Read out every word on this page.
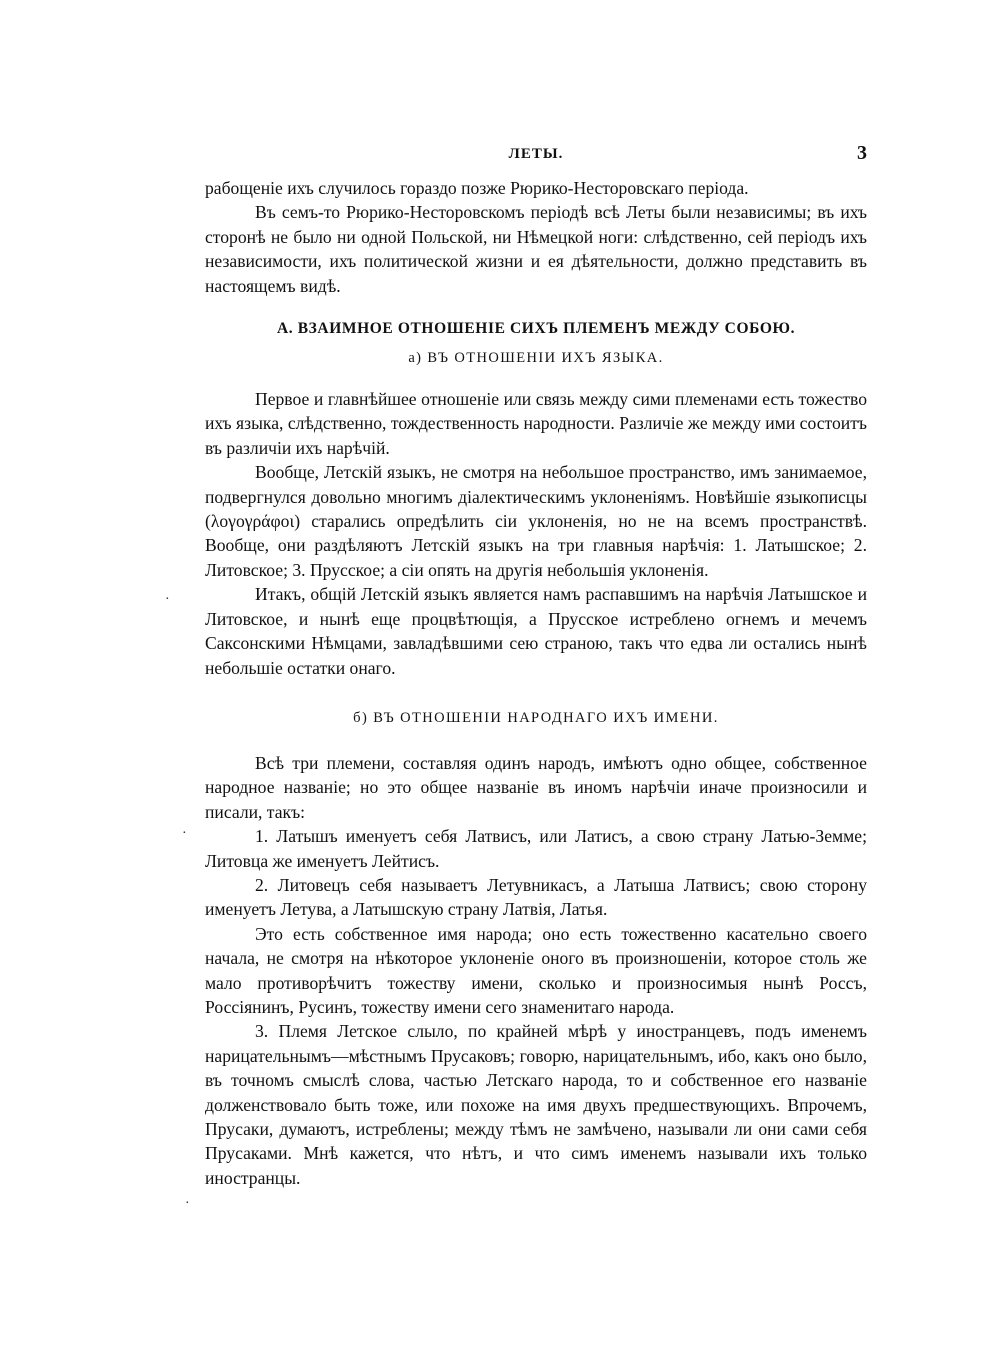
·
·
·
ЛЕТЫ.	3

рабощеніе ихъ случилось гораздо позже Рюрико-Несторовскаго періода.

Въ семъ-то Рюрико-Несторовскомъ періодѣ всѣ Леты были независимы; въ ихъ сторонѣ не было ни одной Польской, ни Нѣмецкой ноги: слѣдственно, сей періодъ ихъ независимости, ихъ политической жизни и ея дѣятельности, должно представить въ настоящемъ видѣ.

А. ВЗАИМНОЕ ОТНОШЕНІЕ СИХЪ ПЛЕМЕНЪ МЕЖДУ СОБОЮ.
а) ВЪ ОТНОШЕНІИ ИХЪ ЯЗЫКА.

Первое и главнѣйшее отношеніе или связь между сими племенами есть тожество ихъ языка, слѣдственно, тождественность народности. Различіе же между ими состоитъ въ различіи ихъ нарѣчій.

Вообще, Летскій языкъ, не смотря на небольшое пространство, имъ занимаемое, подвергнулся довольно многимъ діалектическимъ уклоненіямъ. Новѣйшіе языкописцы (λογογράφοι) старались опредѣлить сіи уклоненія, но не на всемъ пространствѣ. Вообще, они раздѣляютъ Летскій языкъ на три главныя нарѣчія: 1. Латышское; 2. Литовское; 3. Прусское; а сіи опять на другія небольшія уклоненія.

Итакъ, общій Летскій языкъ является намъ распавшимъ на нарѣчія Латышское и Литовское, и нынѣ еще процвѣтющія, а Прусское истреблено огнемъ и мечемъ Саксонскими Нѣмцами, завладѣвшими сею страною, такъ что едва ли остались нынѣ небольшіе остатки онаго.

б) ВЪ ОТНОШЕНІИ НАРОДНАГО ИХЪ ИМЕНИ.

Всѣ три племени, составляя одинъ народъ, имѣютъ одно общее, собственное народное названіе; но это общее названіе въ иномъ нарѣчіи иначе произносили и писали, такъ:

1. Латышъ именуетъ себя Латвисъ, или Латисъ, а свою страну Латью-Земме; Литовца же именуетъ Лейтисъ.

2. Литовецъ себя называетъ Летувникасъ, а Латыша Латвисъ; свою сторону именуетъ Летува, а Латышскую страну Латвія, Латья.

Это есть собственное имя народа; оно есть тожественно касательно своего начала, не смотря на нѣкоторое уклоненіе оного въ произношеніи, которое столь же мало противорѣчитъ тожеству имени, сколько и произносимыя нынѣ Россъ, Россіянинъ, Русинъ, тожеству имени сего знаменитаго народа.

3. Племя Летское слыло, по крайней мѣрѣ у иностранцевъ, подъ именемъ нарицательнымъ—мѣстнымъ Прусаковъ; говорю, нарицательнымъ, ибо, какъ оно было, въ точномъ смыслѣ слова, частью Летскаго народа, то и собственное его названіе долженствовало быть тоже, или похоже на имя двухъ предшествующихъ. Впрочемъ, Прусаки, думаютъ, истреблены; между тѣмъ не замѣчено, называли ли они сами себя Прусаками. Мнѣ кажется, что нѣтъ, и что симъ именемъ называли ихъ только иностранцы.
